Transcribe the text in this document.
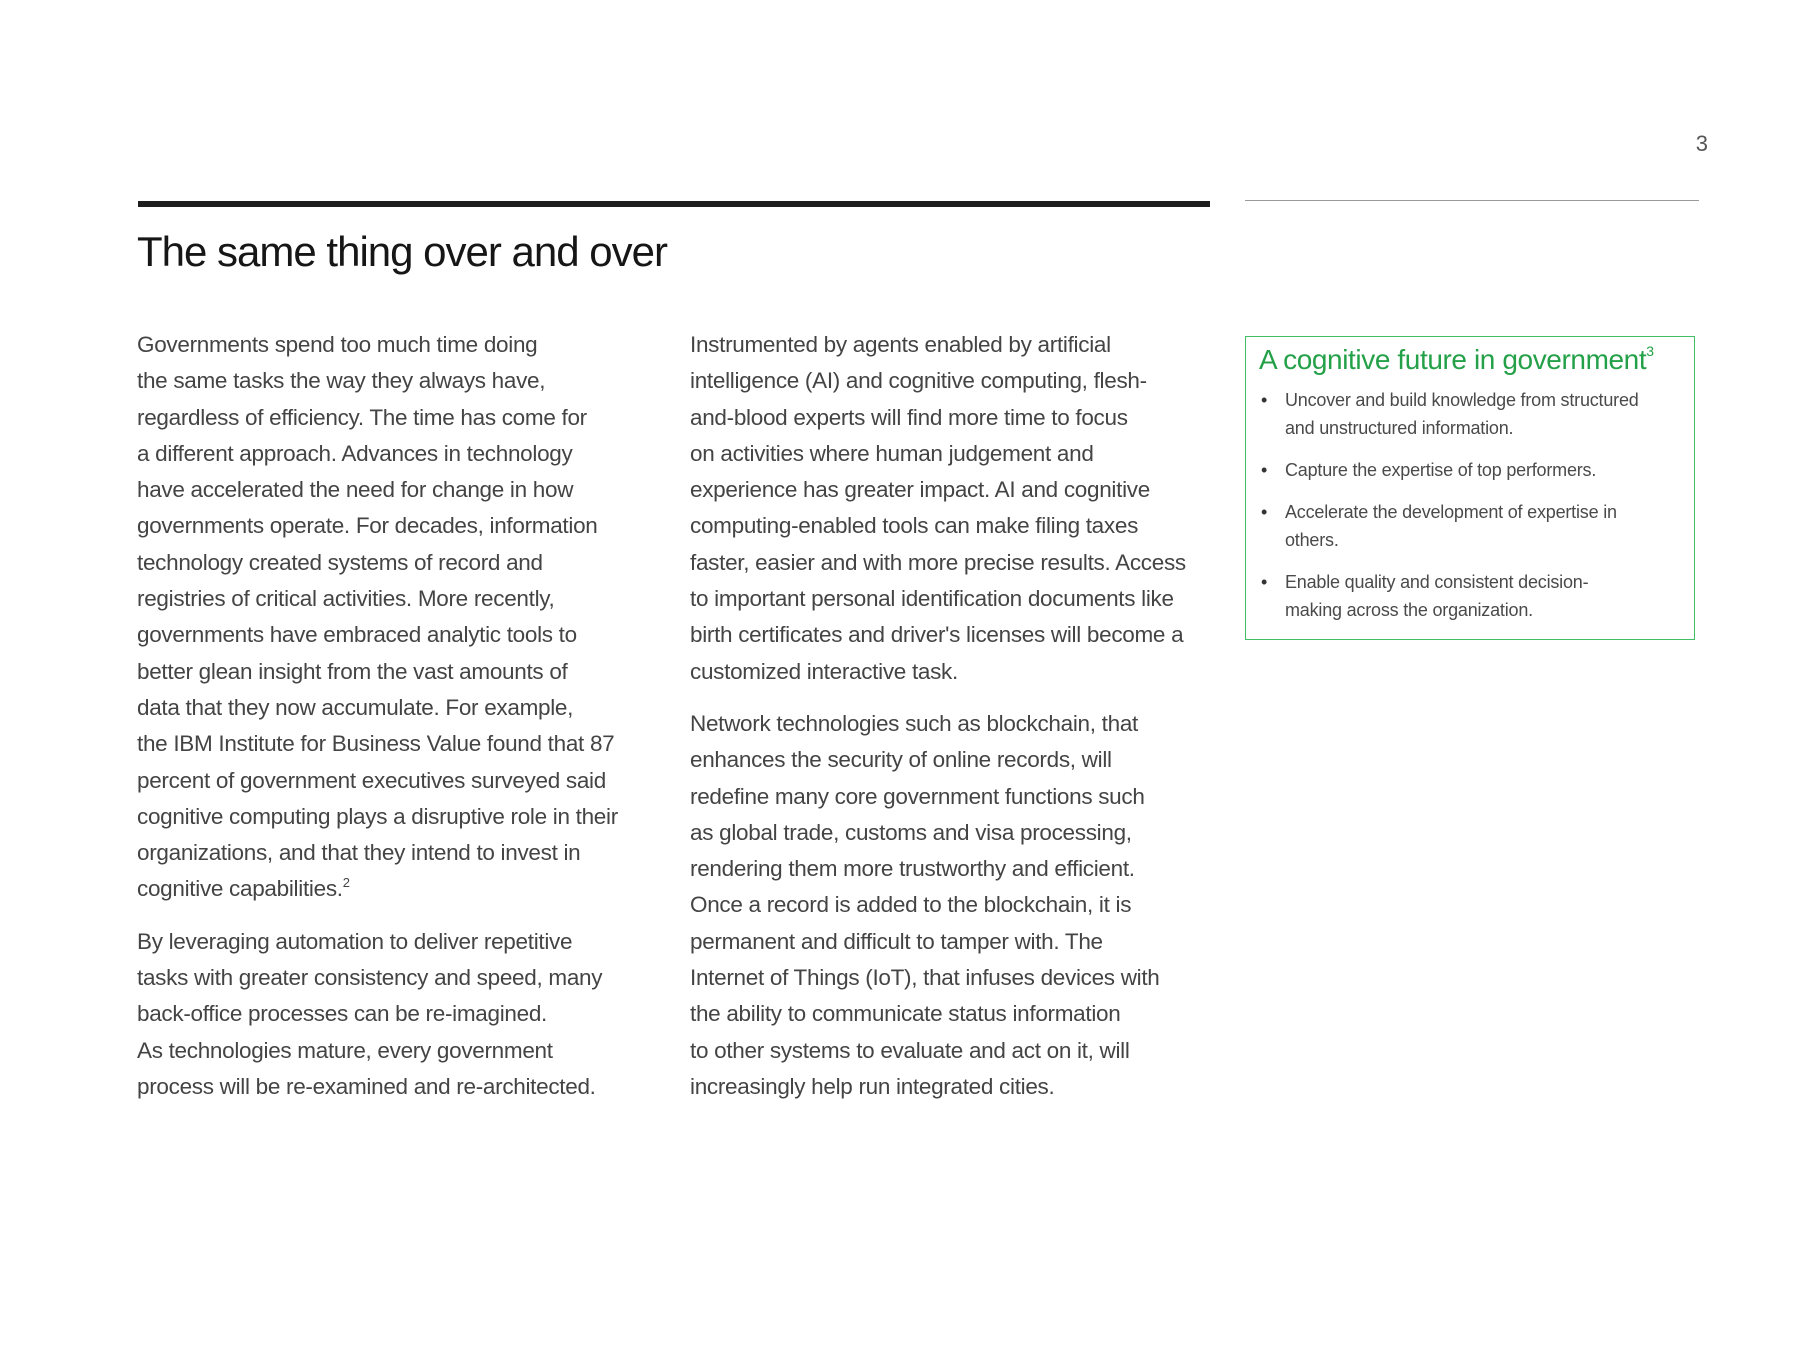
3
The same thing over and over

Governments spend too much time doing
the same tasks the way they always have,
regardless of efficiency. The time has come for
a different approach. Advances in technology
have accelerated the need for change in how
governments operate. For decades, information
technology created systems of record and
registries of critical activities. More recently,
governments have embraced analytic tools to
better glean insight from the vast amounts of
data that they now accumulate. For example,
the IBM Institute for Business Value found that 87
percent of government executives surveyed said
cognitive computing plays a disruptive role in their
organizations, and that they intend to invest in
cognitive capabilities.$^2$

By leveraging automation to deliver repetitive
tasks with greater consistency and speed, many
back-office processes can be re-imagined.
As technologies mature, every government
process will be re-examined and re-architected.

Instrumented by agents enabled by artificial
intelligence (AI) and cognitive computing, flesh-
and-blood experts will find more time to focus
on activities where human judgement and
experience has greater impact. AI and cognitive
computing-enabled tools can make filing taxes
faster, easier and with more precise results. Access
to important personal identification documents like
birth certificates and driver's licenses will become a
customized interactive task.

Network technologies such as blockchain, that
enhances the security of online records, will
redefine many core government functions such
as global trade, customs and visa processing,
rendering them more trustworthy and efficient.
Once a record is added to the blockchain, it is
permanent and difficult to tamper with. The
Internet of Things (IoT), that infuses devices with
the ability to communicate status information
to other systems to evaluate and act on it, will
increasingly help run integrated cities.

A cognitive future in government$^3$
• Uncover and build knowledge from structured
and unstructured information.
• Capture the expertise of top performers.
• Accelerate the development of expertise in
others.
• Enable quality and consistent decision-
making across the organization.
